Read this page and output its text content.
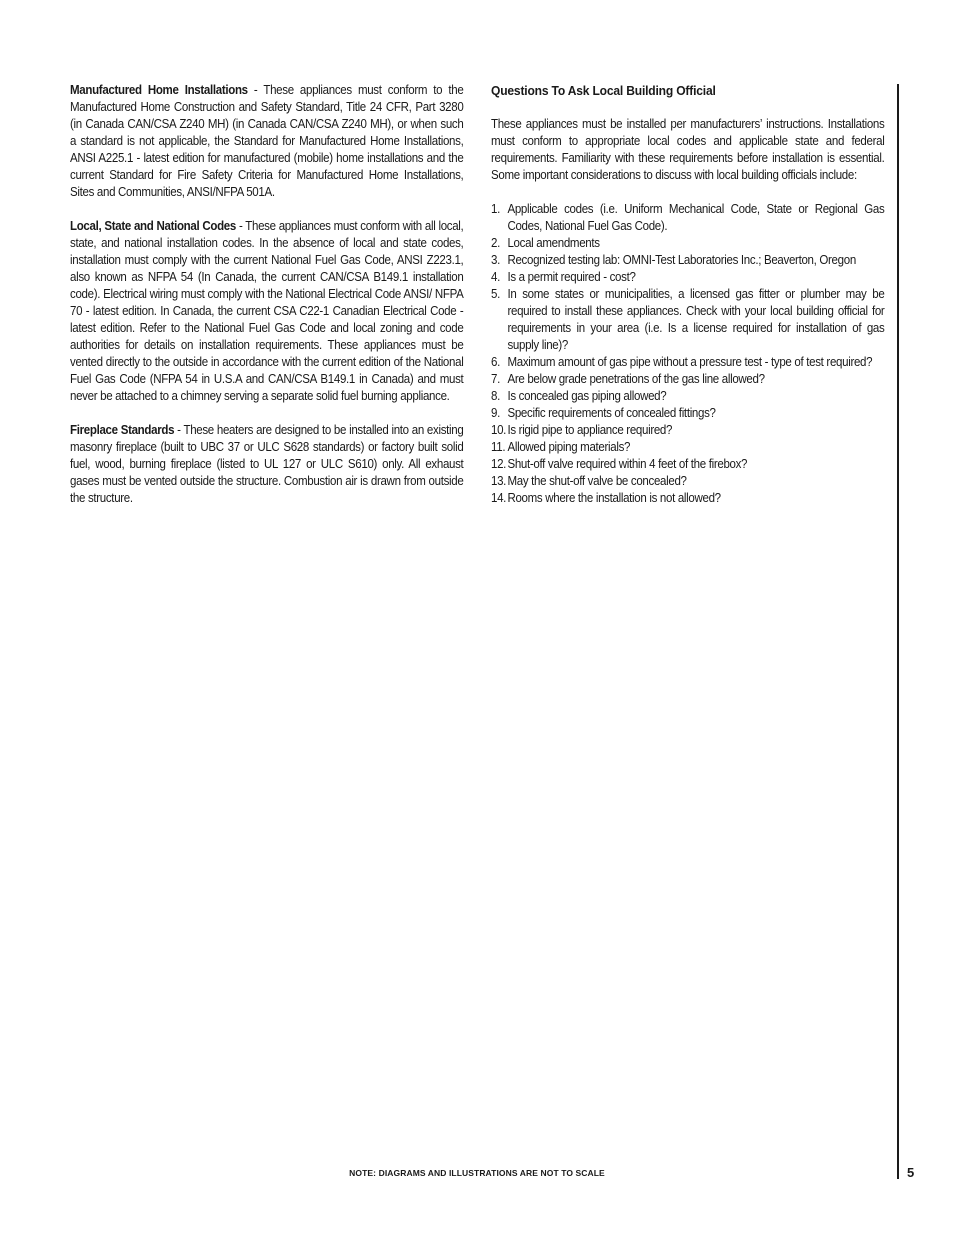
Manufactured Home Installations - These appliances must conform to the Manufactured Home Construction and Safety Standard, Title 24 CFR, Part 3280 (in Canada CAN/CSA Z240 MH) (in Canada CAN/CSA Z240 MH), or when such a standard is not applicable, the Standard for Manufactured Home Installations, ANSI A225.1 - latest edition for manufactured (mobile) home installations and the current Standard for Fire Safety Criteria for Manufactured Home Installations, Sites and Communities, ANSI/NFPA 501A.

Local, State and National Codes - These appliances must conform with all local, state, and national installation codes. In the absence of local and state codes, installation must comply with the current National Fuel Gas Code, ANSI Z223.1, also known as NFPA 54 (In Canada, the current CAN/CSA B149.1 installation code). Electrical wiring must comply with the National Electrical Code ANSI/ NFPA 70 - latest edition. In Canada, the current CSA C22-1 Canadian Electrical Code - latest edition. Refer to the National Fuel Gas Code and local zoning and code authorities for details on installation requirements. These appliances must be vented directly to the outside in accordance with the current edition of the National Fuel Gas Code (NFPA 54 in U.S.A and CAN/CSA B149.1 in Canada) and must never be attached to a chimney serving a separate solid fuel burning appliance.

Fireplace Standards - These heaters are designed to be installed into an existing masonry fireplace (built to UBC 37 or ULC S628 standards) or factory built solid fuel, wood, burning fireplace (listed to UL 127 or ULC S610) only. All exhaust gases must be vented outside the structure. Combustion air is drawn from outside the structure.

Questions To Ask Local Building Official

These appliances must be installed per manufacturers’ instructions. Installations must conform to appropriate local codes and applicable state and federal requirements. Familiarity with these requirements before installation is essential. Some important considerations to discuss with local building officials include:

1. Applicable codes (i.e. Uniform Mechanical Code, State or Regional Gas Codes, National Fuel Gas Code).
2. Local amendments
3. Recognized testing lab: OMNI-Test Laboratories Inc.; Beaverton, Oregon
4. Is a permit required - cost?
5. In some states or municipalities, a licensed gas fitter or plumber may be required to install these appliances. Check with your local building official for requirements in your area (i.e. Is a license required for installation of gas supply line)?
6. Maximum amount of gas pipe without a pressure test - type of test required?
7. Are below grade penetrations of the gas line allowed?
8. Is concealed gas piping allowed?
9. Specific requirements of concealed fittings?
10. Is rigid pipe to appliance required?
11. Allowed piping materials?
12. Shut-off valve required within 4 feet of the firebox?
13. May the shut-off valve be concealed?
14. Rooms where the installation is not allowed?
NOTE: DIAGRAMS AND ILLUSTRATIONS ARE NOT TO SCALE	5
